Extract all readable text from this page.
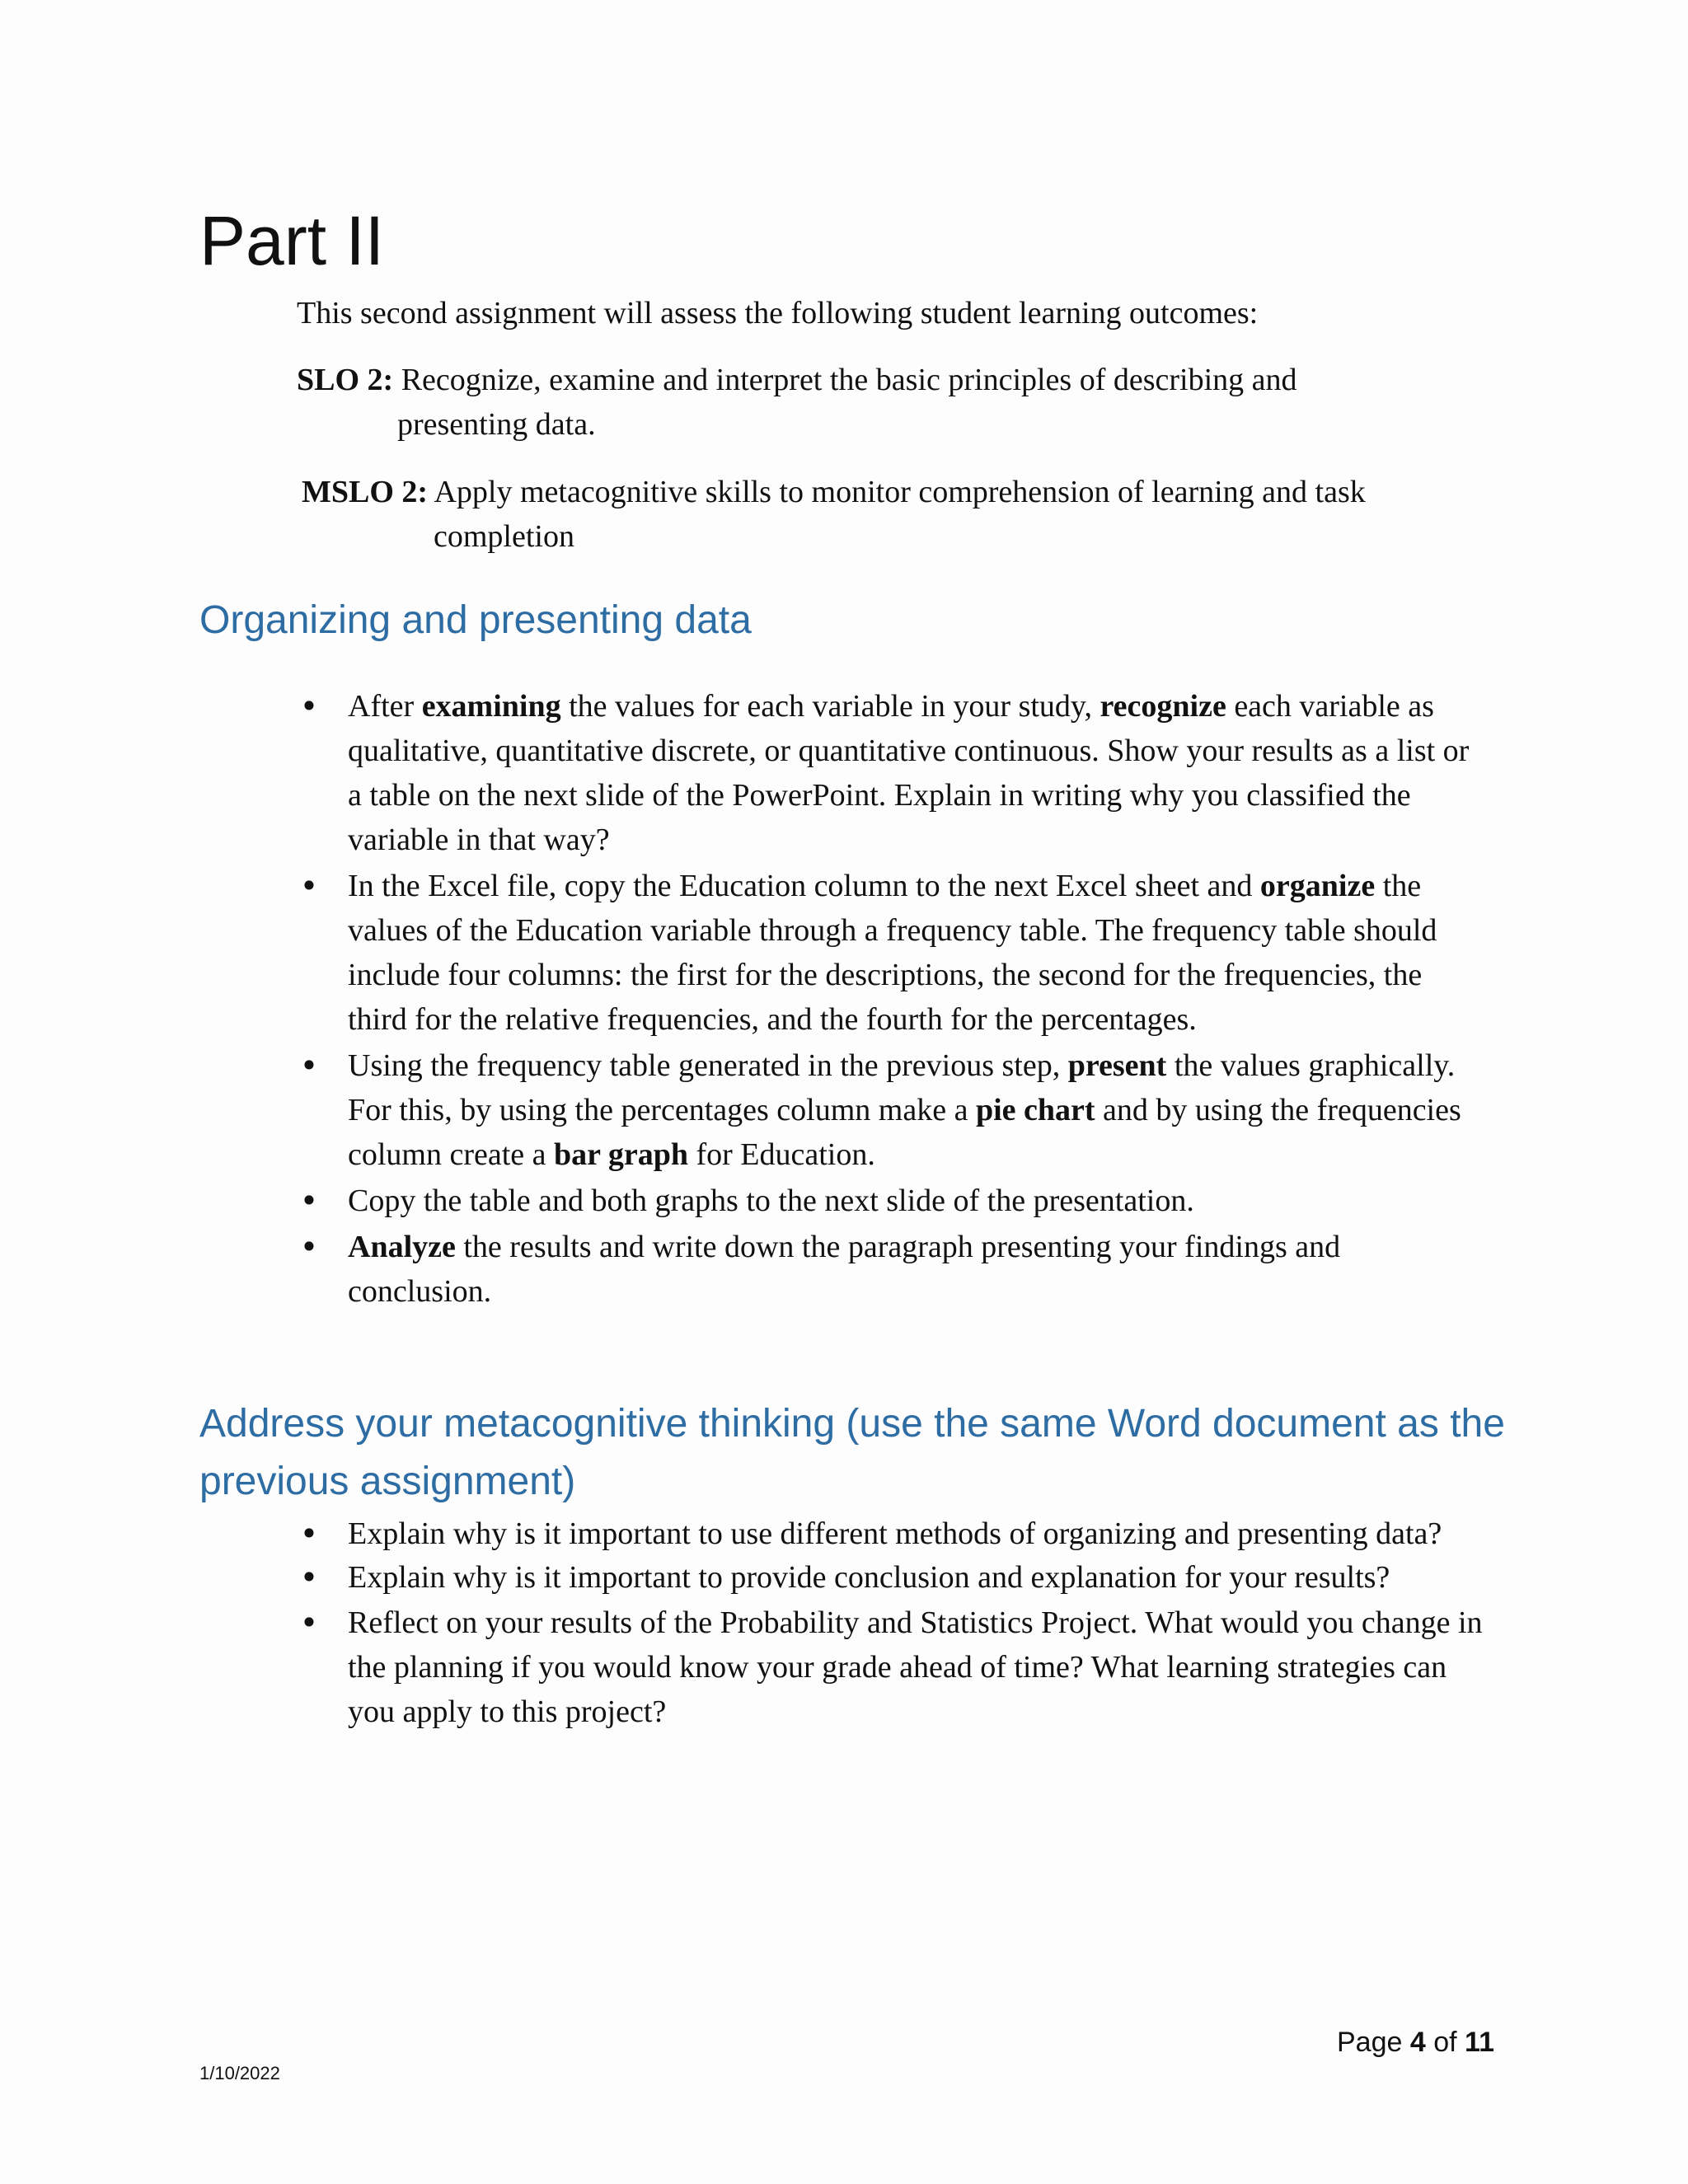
Part II

This second assignment will assess the following student learning outcomes:

SLO 2: Recognize, examine and interpret the basic principles of describing and
presenting data.

MSLO 2: Apply metacognitive skills to monitor comprehension of learning and task
completion

Organizing and presenting data
• After examining the values for each variable in your study, recognize each variable as qualitative, quantitative discrete, or quantitative continuous. Show your results as a list or a table on the next slide of the PowerPoint. Explain in writing why you classified the variable in that way?
• In the Excel file, copy the Education column to the next Excel sheet and organize the values of the Education variable through a frequency table. The frequency table should include four columns: the first for the descriptions, the second for the frequencies, the third for the relative frequencies, and the fourth for the percentages.
• Using the frequency table generated in the previous step, present the values graphically. For this, by using the percentages column make a pie chart and by using the frequencies column create a bar graph for Education.
• Copy the table and both graphs to the next slide of the presentation.
• Analyze the results and write down the paragraph presenting your findings and conclusion.
Address your metacognitive thinking (use the same Word document as the previous assignment)
• Explain why is it important to use different methods of organizing and presenting data?
• Explain why is it important to provide conclusion and explanation for your results?
• Reflect on your results of the Probability and Statistics Project. What would you change in the planning if you would know your grade ahead of time? What learning strategies can you apply to this project?

Page 4 of 11

1/10/2022
